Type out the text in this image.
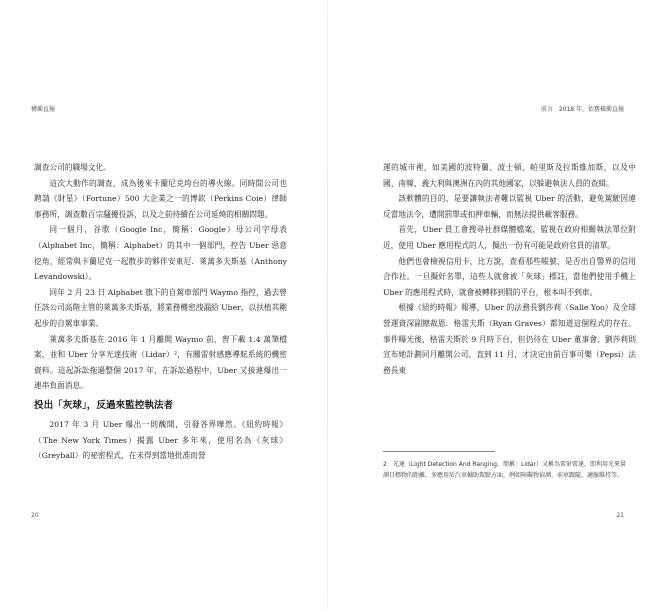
構衝直撞

調查公司的職場文化。

這次大動作的調查，成為後來卡蘭尼克垮台的導火線。同時間公司也聘請《財星》（Fortune）500 大企業之一的博欽（Perkins Coie）律師事務所，調查數百宗騷擾投訴，以及之前持續在公司延燒的相關問題。

同一個月，谷歌（Google Inc，簡稱：Google）母公司字母表（Alphabet Inc，簡稱：Alphabet）的其中一個部門，控告 Uber 惡意挖角，經常與卡蘭尼克一起散步的夥伴安東尼．萊萬多夫斯基（Anthony Levandowski）。

同年 2 月 23 日 Alphabet 旗下的自駕車部門 Waymo 指控，過去曾任該公司高階主管的萊萬多夫斯基，將業務機密洩漏給 Uber，以扶植其剛起步的自駕車事業。

萊萬多夫斯基在 2016 年 1 月離開 Waymo 前，曾下載 1.4 萬筆檔案，並和 Uber 分享光達技術（Lidar）²，有關雷射感應導航系統的機密資料。這起訴訟拖過整個 2017 年，在訴訟過程中，Uber 又接連爆出一連串負面消息。

投出「灰球」，反過來監控執法者

2017 年 3 月 Uber 爆出一則醜聞，引發各界嘩然。《紐約時報》（The New York Times）揭露 Uber 多年來，使用名為《灰球》（Greyball）的祕密程式，在未得到當地批准而營

20
前言　2018 年，依舊橫衝直撞

運的城市裡，如美國的波特蘭、波士頓、帕里斯及拉斯維加斯，以及中國、南韓、義大利與澳洲在內的其他國家，以躲避執法人員的查緝。

該軟體的目的，是要讓執法者難以監視 Uber 的活動，避免駕駛因違反當地法令，遭開罰單或扣押車輛，而無法提供載客服務。

首先，Uber 員工會搜尋社群媒體檔案，監視在政府相關執法單位附近，使用 Uber 應用程式的人，擬出一份有可能是政府官員的清單。

他們也會檢視信用卡，比方說，查看那些帳號，是否出自警界的信用合作社。一旦擬好名單，這些人就會被「灰球」標註，當他們使用手機上 Uber 的應用程式時，就會被轉移到假的平台，根本叫不到車。

根據《紐約時報》報導，Uber 的法務長劉莎莉（Salle Yoo）及全球營運資深副總裁恩．格雷夫斯（Ryan Graves）都知道這個程式的存在。事件曝光後，格雷夫斯於 9 月時下台，但仍待在 Uber 董事會；劉莎莉則宣布她計劃同月離開公司。直到 11 月，才決定由前百事可樂（Pepsi）法務長東

2　光達（Light Detection And Ranging，簡稱：Lidar）又稱為雷射雷達，即利用光來量測目標物的距離，多應用於汽車輔助駕駛方面，例如障礙物偵測、前車跟隨、適線維持等。
21
